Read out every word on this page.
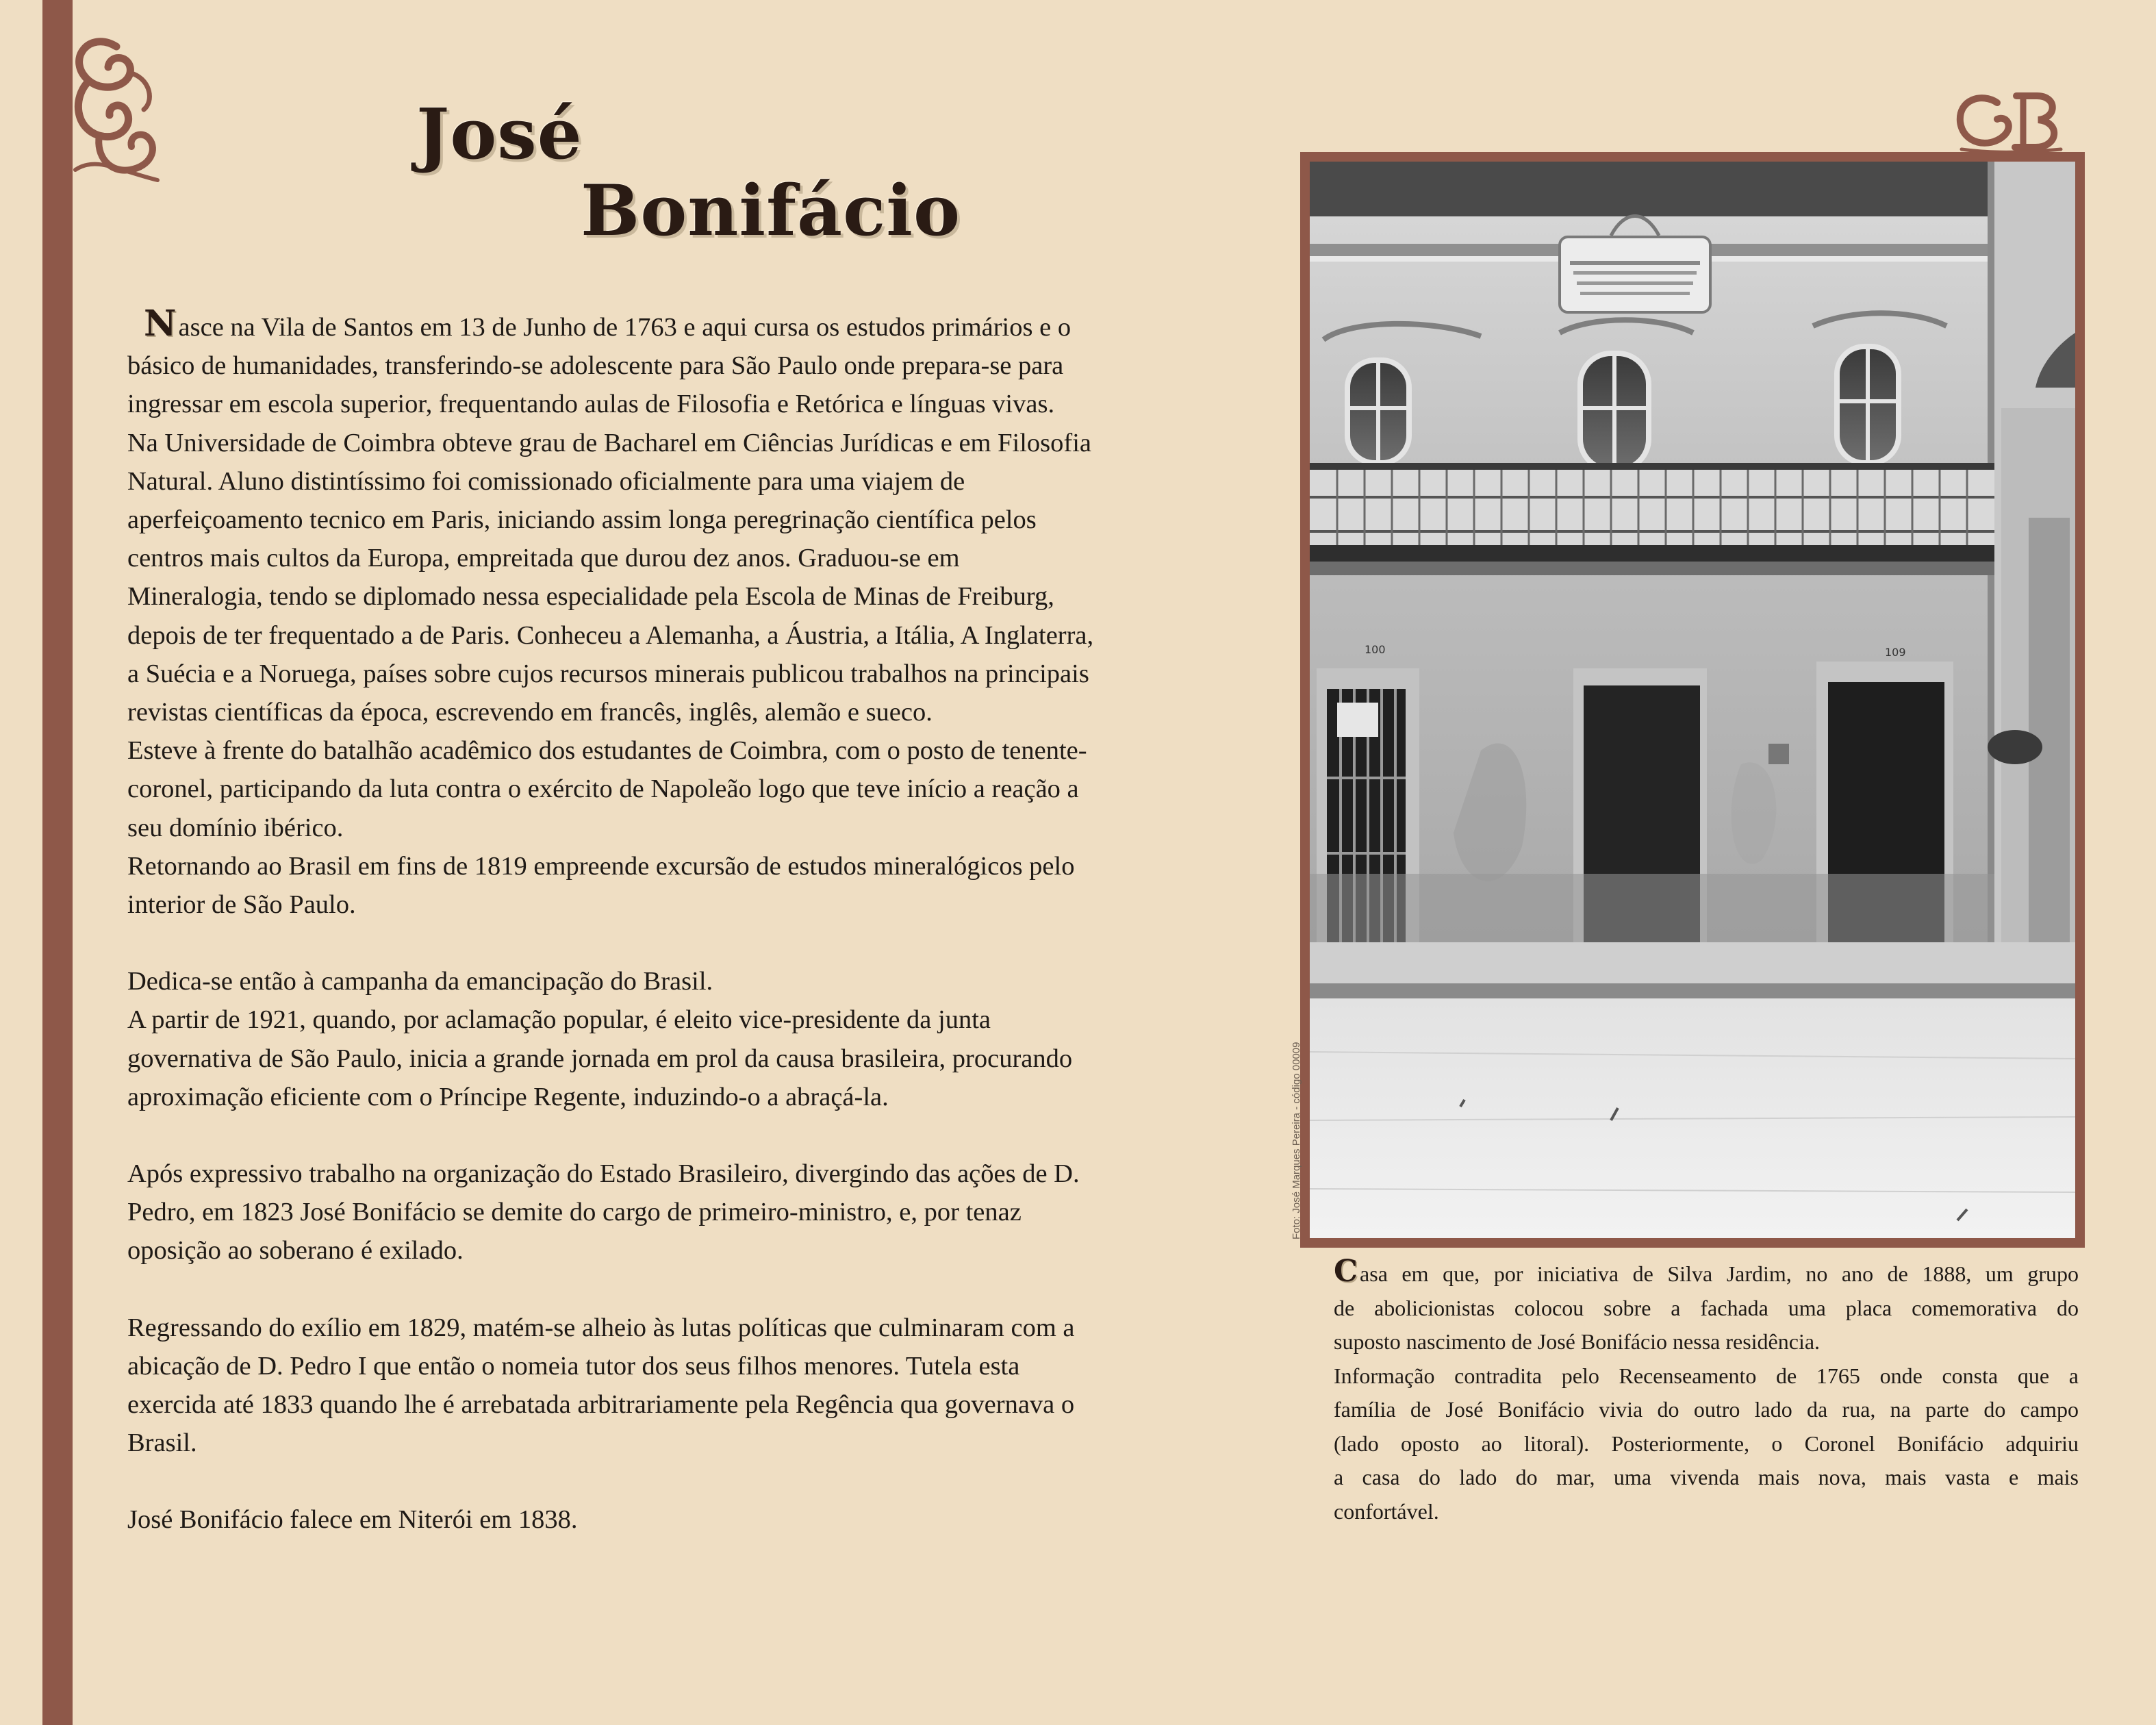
José
Bonifácio

Nasce na Vila de Santos em 13 de Junho de 1763 e aqui cursa os estudos primários e o

básico de humanidades, transferindo-se adolescente para São Paulo onde prepara-se para

ingressar em escola superior, frequentando aulas de Filosofia e Retórica e línguas vivas.

Na Universidade de Coimbra obteve grau de Bacharel em Ciências Jurídicas e em Filosofia

Natural. Aluno distintíssimo foi comissionado oficialmente para uma viajem de

aperfeiçoamento tecnico em Paris, iniciando assim longa peregrinação científica pelos

centros mais cultos da Europa, empreitada que durou dez anos. Graduou-se em

Mineralogia, tendo se diplomado nessa especialidade pela Escola de Minas de Freiburg,

depois de ter frequentado a de Paris. Conheceu a Alemanha, a Áustria, a Itália, A Inglaterra,

a Suécia e a Noruega, países sobre cujos recursos minerais publicou trabalhos na principais

revistas científicas da época, escrevendo em francês, inglês, alemão e sueco.

Esteve à frente do batalhão acadêmico dos estudantes de Coimbra, com o posto de tenente-

coronel, participando da luta contra o exército de Napoleão logo que teve início a reação a

seu domínio ibérico.

Retornando ao Brasil em fins de 1819 empreende excursão de estudos mineralógicos pelo

interior de São Paulo.

Dedica-se então à campanha da emancipação do Brasil.

A partir de 1921, quando, por aclamação popular, é eleito vice-presidente da junta

governativa de São Paulo, inicia a grande jornada em prol da causa brasileira, procurando

aproximação eficiente com o Príncipe Regente, induzindo-o a abraçá-la.

Após expressivo trabalho na organização do Estado Brasileiro, divergindo das ações de D.

Pedro, em 1823 José Bonifácio se demite do cargo de primeiro-ministro, e, por tenaz

oposição ao soberano é exilado.

Regressando do exílio em 1829, matém-se alheio às lutas políticas que culminaram com a

abicação de D. Pedro I que então o nomeia tutor dos seus filhos menores. Tutela esta

exercida até 1833 quando lhe é arrebatada arbitrariamente pela Regência qua governava o

Brasil.

José Bonifácio falece em Niterói em 1838.

100	109
Foto: José Marques Pereira - código 00009

Casa em que, por iniciativa de Silva Jardim, no ano de 1888, um grupo

de abolicionistas colocou sobre a fachada uma placa comemorativa do

suposto nascimento de José Bonifácio nessa residência.

Informação contradita pelo Recenseamento de 1765 onde consta que a

família de José Bonifácio vivia do outro lado da rua, na parte do campo

(lado oposto ao litoral). Posteriormente, o Coronel Bonifácio adquiriu

a casa do lado do mar, uma vivenda mais nova, mais vasta e mais

confortável.
